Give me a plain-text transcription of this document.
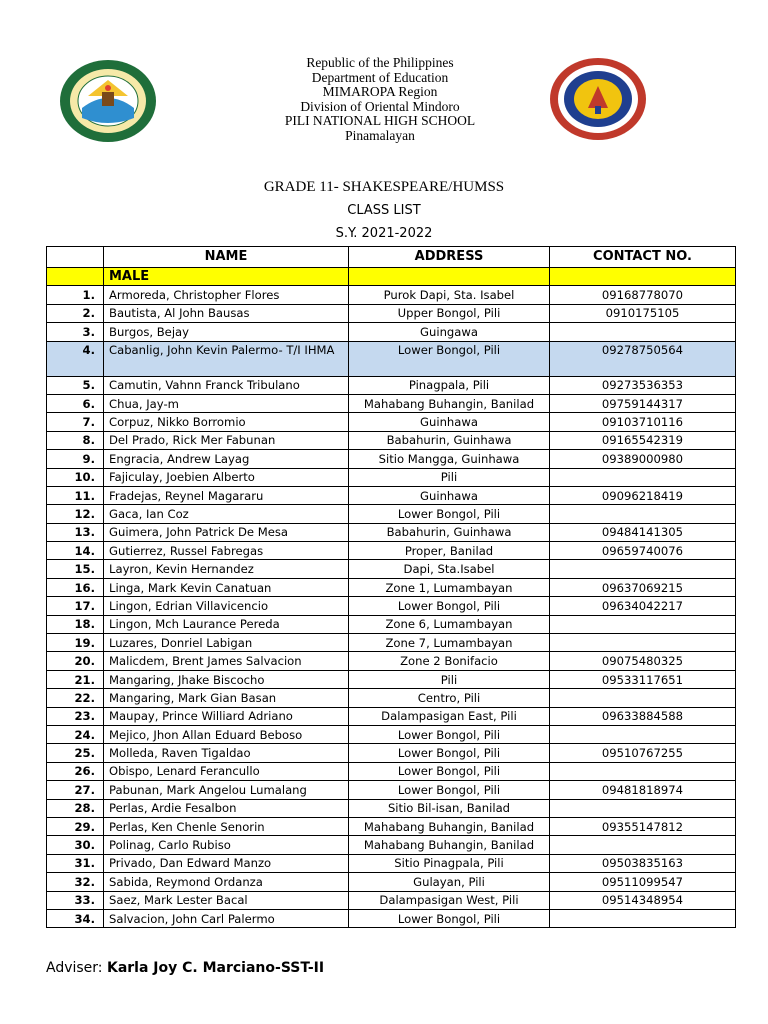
Republic of the Philippines
Department of Education
MIMAROPA Region
Division of Oriental Mindoro
PILI NATIONAL HIGH SCHOOL
Pinamalayan
GRADE 11- SHAKESPEARE/HUMSS
CLASS LIST
S.Y. 2021-2022
	NAME	ADDRESS	CONTACT NO.
	MALE		
1.	Armoreda, Christopher Flores	Purok Dapi, Sta. Isabel	09168778070
2.	Bautista, Al John Bausas	Upper Bongol, Pili	0910175105
3.	Burgos, Bejay	Guingawa	
4.	Cabanlig, John Kevin Palermo- T/I IHMA	Lower Bongol, Pili	09278750564
5.	Camutin, Vahnn Franck Tribulano	Pinagpala, Pili	09273536353
6.	Chua, Jay-m	Mahabang Buhangin, Banilad	09759144317
7.	Corpuz, Nikko Borromio	Guinhawa	09103710116
8.	Del Prado, Rick Mer Fabunan	Babahurin, Guinhawa	09165542319
9.	Engracia, Andrew Layag	Sitio Mangga, Guinhawa	09389000980
10.	Fajiculay, Joebien Alberto	Pili	
11.	Fradejas, Reynel Magararu	Guinhawa	09096218419
12.	Gaca, Ian Coz	Lower Bongol, Pili	
13.	Guimera, John Patrick De Mesa	Babahurin, Guinhawa	09484141305
14.	Gutierrez, Russel Fabregas	Proper, Banilad	09659740076
15.	Layron, Kevin Hernandez	Dapi, Sta.Isabel	
16.	Linga, Mark Kevin Canatuan	Zone 1, Lumambayan	09637069215
17.	Lingon, Edrian Villavicencio	Lower Bongol, Pili	09634042217
18.	Lingon, Mch Laurance Pereda	Zone 6, Lumambayan	
19.	Luzares, Donriel Labigan	Zone 7, Lumambayan	
20.	Malicdem, Brent James Salvacion	Zone 2 Bonifacio	09075480325
21.	Mangaring, Jhake Biscocho	Pili	09533117651
22.	Mangaring, Mark Gian Basan	Centro, Pili	
23.	Maupay, Prince Williard Adriano	Dalampasigan East, Pili	09633884588
24.	Mejico, Jhon Allan Eduard Beboso	Lower Bongol, Pili	
25.	Molleda, Raven Tigaldao	Lower Bongol, Pili	09510767255
26.	Obispo, Lenard Ferancullo	Lower Bongol, Pili	
27.	Pabunan, Mark Angelou Lumalang	Lower Bongol, Pili	09481818974
28.	Perlas, Ardie Fesalbon	Sitio Bil-isan, Banilad	
29.	Perlas, Ken Chenle Senorin	Mahabang Buhangin, Banilad	09355147812
30.	Polinag, Carlo Rubiso	Mahabang Buhangin, Banilad	
31.	Privado, Dan Edward Manzo	Sitio Pinagpala, Pili	09503835163
32.	Sabida, Reymond Ordanza	Gulayan, Pili	09511099547
33.	Saez, Mark Lester Bacal	Dalampasigan West, Pili	09514348954
34.	Salvacion, John Carl Palermo	Lower Bongol, Pili	
Adviser: Karla Joy C. Marciano-SST-II
